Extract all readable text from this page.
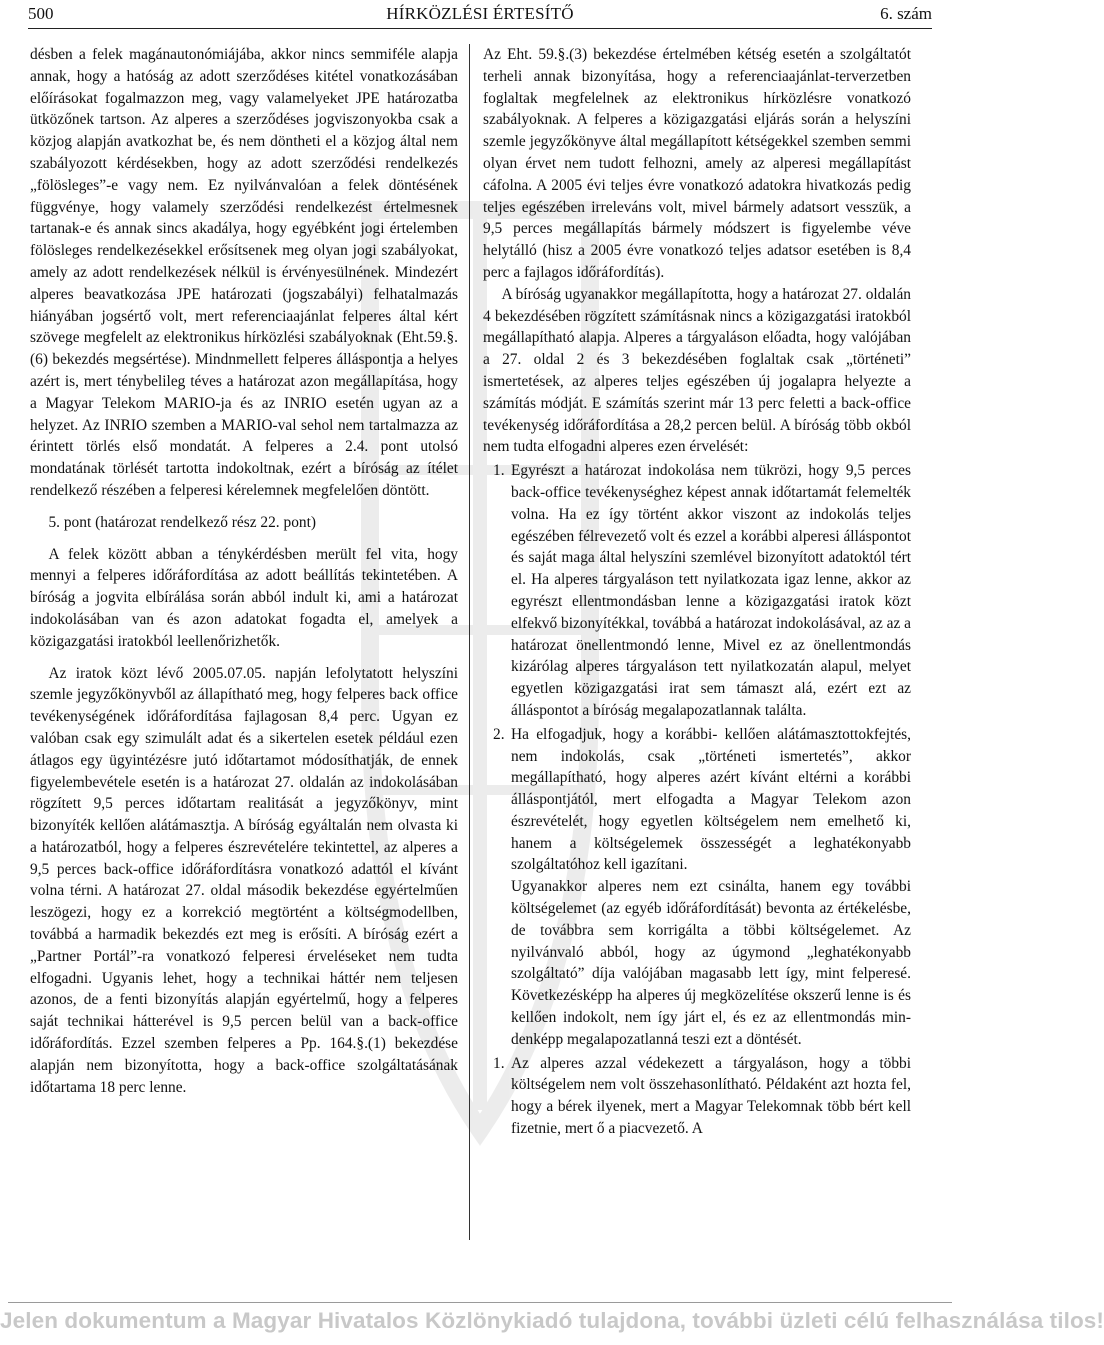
500	HÍRKÖZLÉSI ÉRTESÍTŐ	6. szám

désben a felek magánautonómiájába, akkor nincs semmiféle alapja annak, hogy a hatóság az adott szerződéses kitétel vonatkozásában előírásokat fogalmazzon meg, vagy valamelyeket JPE határozatba ütközőnek tartson. Az alperes a szerződéses jogviszonyokba csak a közjog alapján avatkozhat be, és nem döntheti el a közjog által nem szabályozott kérdésekben, hogy az adott szerződési rendelkezés „fölösleges”-e vagy nem. Ez nyilvánvalóan a felek döntésének függvénye, hogy valamely szerződési rendelkezést értelmesnek tartanak-e és annak sincs akadálya, hogy egyébként jogi értelemben fölösleges rendelkezésekkel erősítsenek meg olyan jogi szabályokat, amely az adott rendelkezések nélkül is érvényesülnének. Mindezért alperes beavatkozása JPE határozati (jogszabályi) felhatalmazás hiányában jogsértő volt, mert referenciaajánlat felperes által kért szövege megfelelt az elektronikus hírközlési szabályoknak (Eht.59.§.(6) bekezdés megsértése). Mindnmellett felperes álláspontja a helyes azért is, mert ténybelileg téves a határozat azon megállapítása, hogy a Magyar Telekom MARIO-ja és az INRIO esetén ugyan az a helyzet. Az INRIO szemben a MARIO-val sehol nem tartalmazza az érintett törlés első mondatát. A felperes a 2.4. pont utolsó mondatának törlését tartotta indokoltnak, ezért a bíróság az ítélet rendelkező részében a felperesi kérelemnek megfelelően döntött.

5. pont (határozat rendelkező rész 22. pont)

A felek között abban a ténykérdésben merült fel vita, hogy mennyi a felperes időráfordítása az adott beállítás tekintetében. A bíróság a jogvita elbírálása során abból indult ki, ami a határozat indokolásában van és azon adatokat fogadta el, amelyek a közigazgatási iratokból leellenőrizhetők.

Az iratok közt lévő 2005.07.05. napján lefolytatott helyszíni szemle jegyzőkönyvből az állapítható meg, hogy felperes back office tevékenységének időráfordítása fajlagosan 8,4 perc. Ugyan ez valóban csak egy szimulált adat és a sikertelen esetek például ezen átlagos egy ügyintézésre jutó időtartamot módosíthatják, de ennek figyelembevétele esetén is a határozat 27. oldalán az indokolásában rögzített 9,5 perces időtartam realitását a jegyzőkönyv, mint bizonyíték kellően alátámasztja. A bíróság egyáltalán nem olvasta ki a határozatból, hogy a felperes észrevételére tekintettel, az alperes a 9,5 perces back-office időráfordításra vonatkozó adattól el kívánt volna térni. A határozat 27. oldal második bekezdése egyértelműen leszögezi, hogy ez a korrekció megtörtént a költségmodellben, továbbá a harmadik bekezdés ezt meg is erősíti. A bíróság ezért a „Partner Portál”-ra vonatkozó felperesi érveléseket nem tudta elfogadni. Ugyanis lehet, hogy a technikai háttér nem teljesen azonos, de a fenti bizonyítás alapján egyértelmű, hogy a felperes saját technikai hátterével is 9,5 percen belül van a back-office időráfordítás. Ezzel szemben felperes a Pp. 164.§.(1) bekezdése alapján nem bizonyította, hogy a back-office szolgáltatásának időtartama 18 perc lenne.

Az Eht. 59.§.(3) bekezdése értelmében kétség esetén a szolgáltatót terheli annak bizonyítása, hogy a referenciaajánlat-terverzetben foglaltak megfelelnek az elektronikus hírközlésre vonatkozó szabályoknak. A felperes a közigazgatási eljárás során a helyszíni szemle jegyzőkönyve által megállapított kétségekkel szemben semmi olyan érvet nem tudott felhozni, amely az alperesi megállapítást cáfolna. A 2005 évi teljes évre vonatkozó adatokra hivatkozás pedig teljes egészében irreleváns volt, mivel bármely adatsort vesszük, a 9,5 perces megállapítás bármely módszert is figyelembe véve helytálló (hisz a 2005 évre vonatkozó teljes adatsor esetében is 8,4 perc a fajlagos időráfordítás).

A bíróság ugyanakkor megállapította, hogy a határozat 27. oldalán 4 bekezdésében rögzített számításnak nincs a közigazgatási iratokból megállapítható alapja. Alperes a tárgyaláson előadta, hogy valójában a 27. oldal 2 és 3 bekezdésében foglaltak csak „történeti” ismertetések, az alperes teljes egészében új jogalapra helyezte a számítás módját. E számítás szerint már 13 perc feletti a back-office tevékenység időráfordítása a 28,2 percen belül. A bíróság több okból nem tudta elfogadni alperes ezen érvelését:

1. Egyrészt a határozat indokolása nem tükrözi, hogy 9,5 perces back-office tevékenységhez képest annak időtartamát felemelték volna. Ha ez így történt akkor viszont az indokolás teljes egészében félrevezető volt és ezzel a korábbi alperesi álláspontot és saját maga által helyszíni szemlével bizonyított adatoktól tért el. Ha alperes tárgyaláson tett nyilatkozata igaz lenne, akkor az egyrészt ellentmondásban lenne a közigazgatási iratok közt elfekvő bizonyítékkal, továbbá a határozat indokolásával, az az a határozat önellentmondó lenne, Mivel ez az önellentmondás kizárólag alperes tárgyaláson tett nyilatkozatán alapul, melyet egyetlen közigazgatási irat sem támaszt alá, ezért ezt az álláspontot a bíróság megalapozatlannak találta.

2. Ha elfogadjuk, hogy a korábbi- kellően alátámasztottokfejtés, nem indokolás, csak „történeti ismertetés”, akkor megállapítható, hogy alperes azért kívánt eltérni a korábbi álláspontjától, mert elfogadta a Magyar Telekom azon észrevételét, hogy egyetlen költségelem nem emelhető ki, hanem a költségelemek összességét a leghatékonyabb szolgáltatóhoz kell igazítani.

Ugyanakkor alperes nem ezt csinálta, hanem egy további költségelemet (az egyéb időráfordítását) bevonta az értékelésbe, de továbbra sem korrigálta a többi költségelemet. Az nyilvánvaló abból, hogy az úgymond „leghatékonyabb szolgáltató” díja valójában magasabb lett így, mint felperesé. Következésképp ha alperes új megközelítése okszerű lenne is és kellően indokolt, nem így járt el, és ez az ellentmondás mindenképp megalapozatlanná teszi ezt a döntését.

1. Az alperes azzal védekezett a tárgyaláson, hogy a többi költségelem nem volt összehasonlítható. Példaként azt hozta fel, hogy a bérek ilyenek, mert a Magyar Telekomnak több bért kell fizetnie, mert ő a piacvezető. A

Jelen dokumentum a Magyar Hivatalos Közlönykiadó tulajdona, további üzleti célú felhasználása tilos!
